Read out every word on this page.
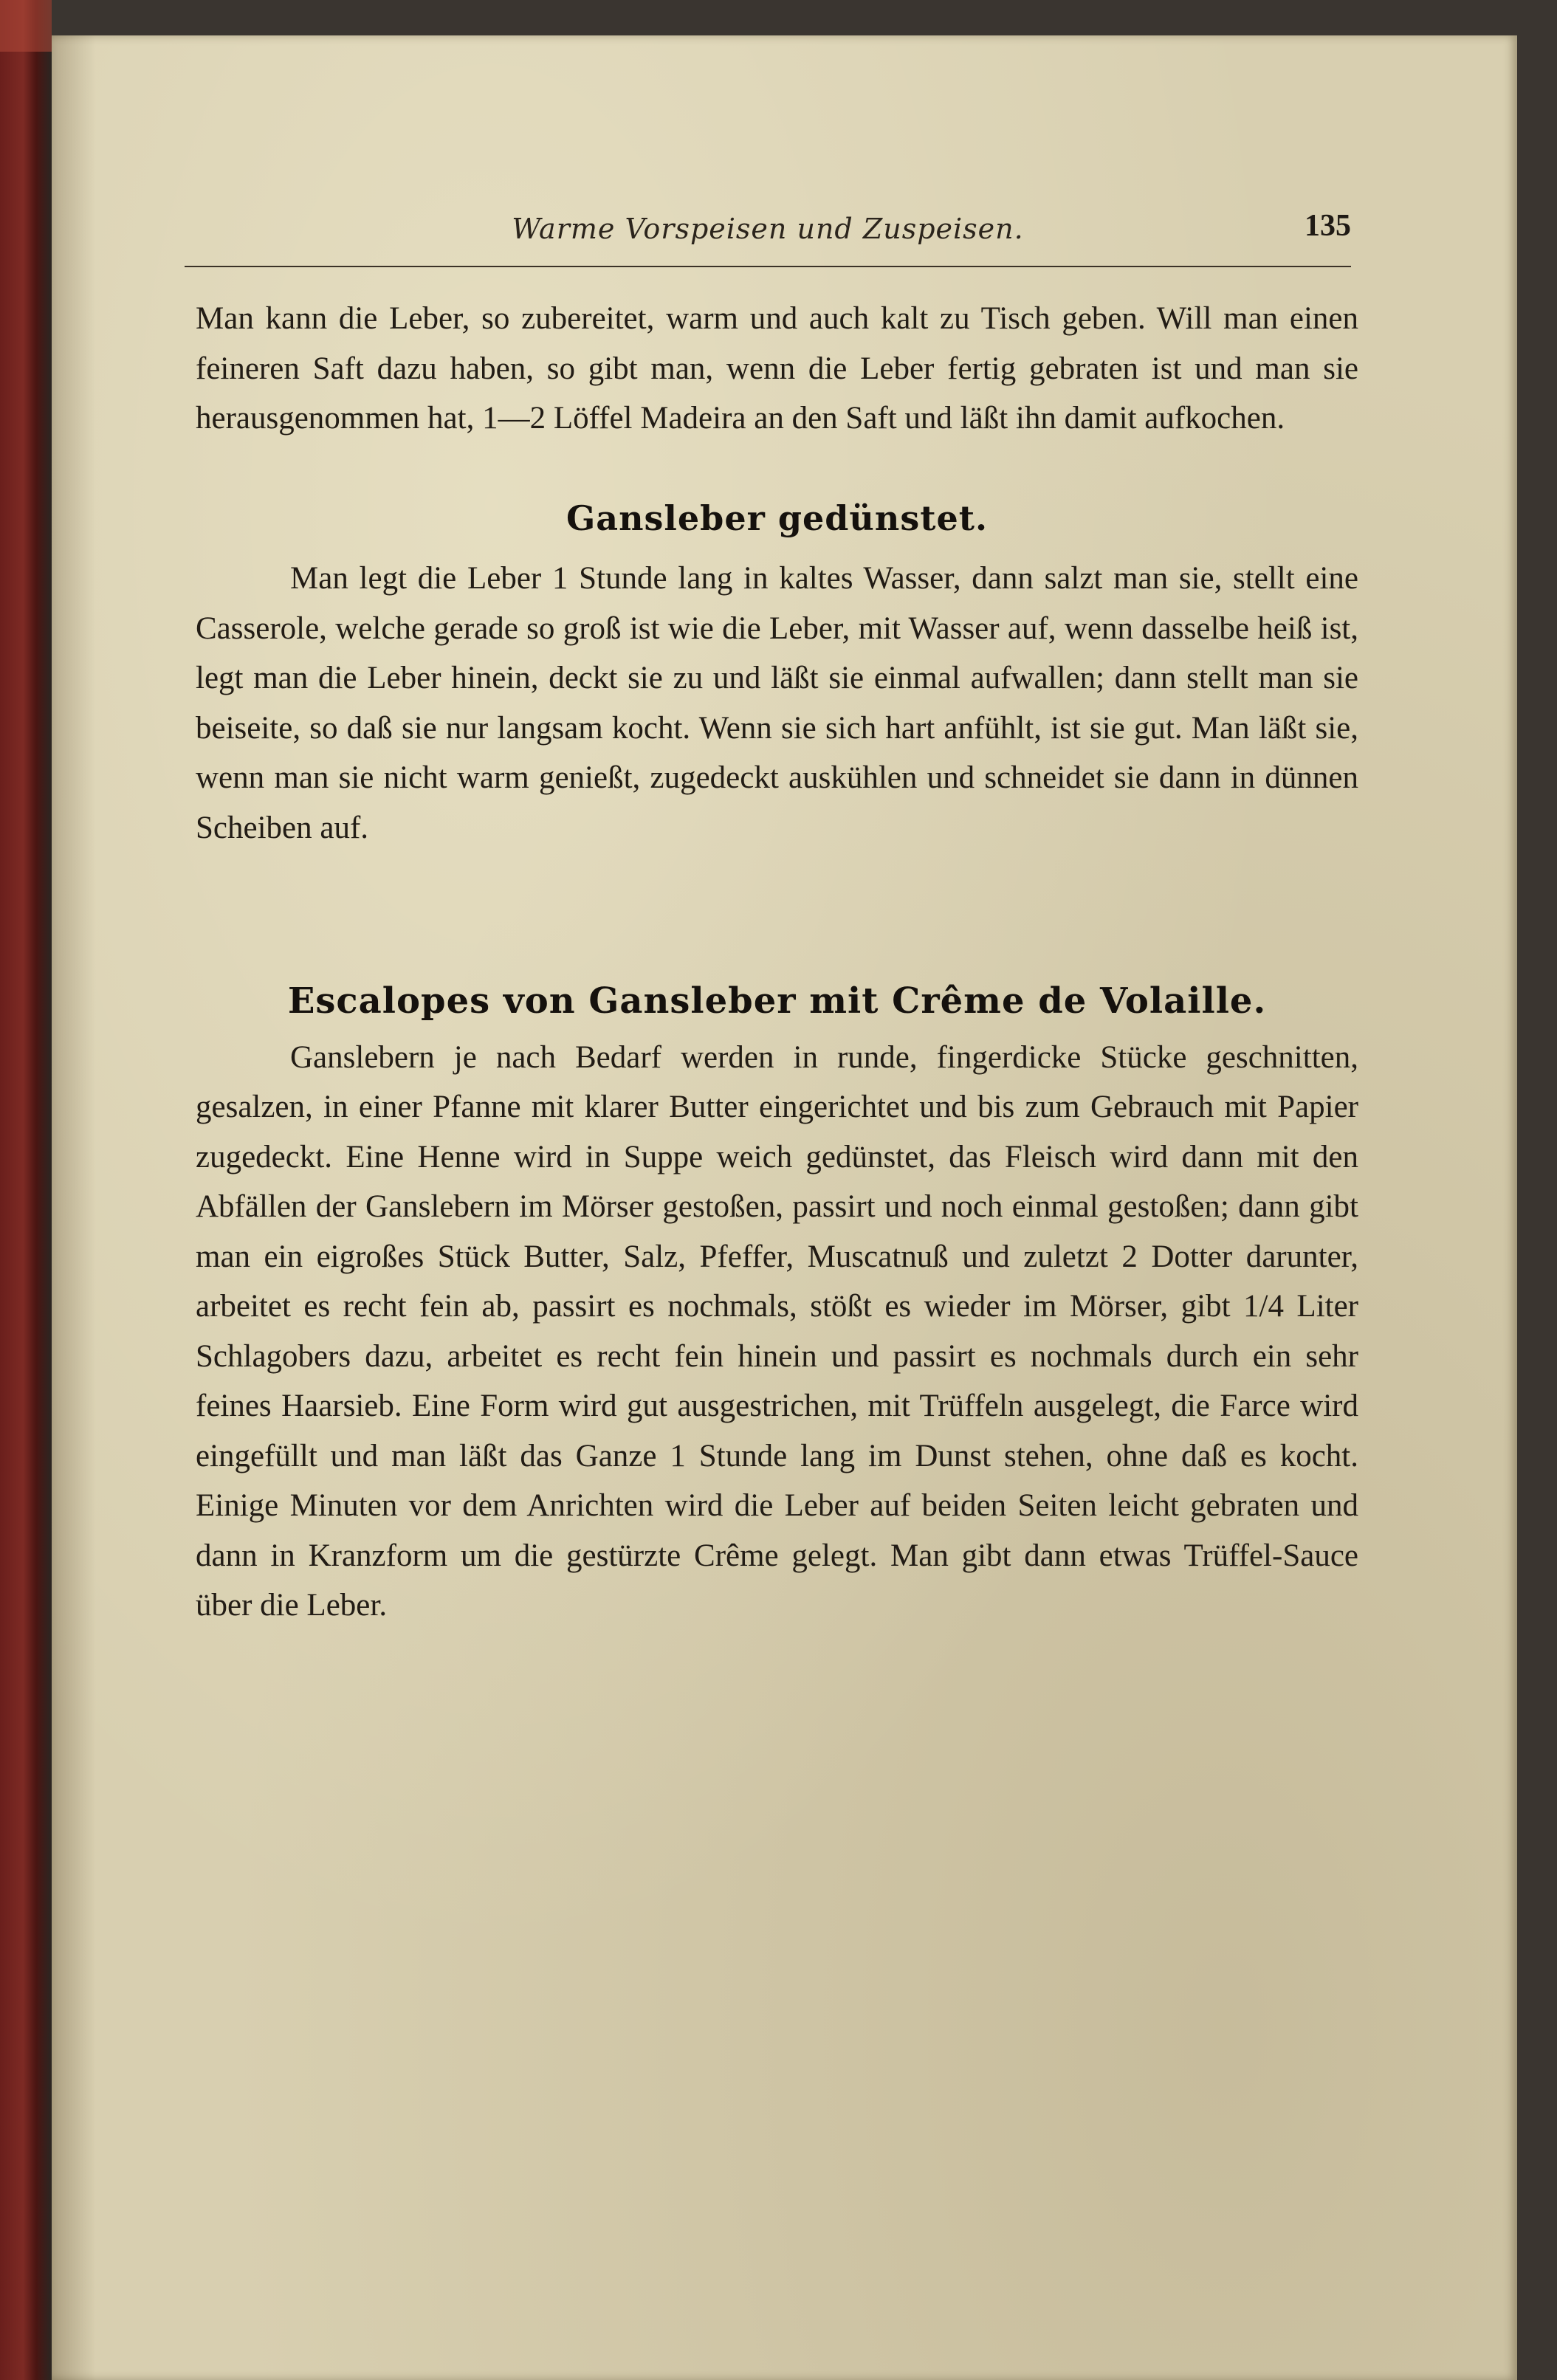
Warme Vorspeisen und Zuspeisen.	135

Man kann die Leber, so zubereitet, warm und auch kalt zu Tisch geben. Will man einen feineren Saft dazu haben, so gibt man, wenn die Leber fertig gebraten ist und man sie herausgenommen hat, 1—2 Löffel Madeira an den Saft und läßt ihn damit aufkochen.

Gansleber gedünstet.

Man legt die Leber 1 Stunde lang in kaltes Wasser, dann salzt man sie, stellt eine Casserole, welche gerade so groß ist wie die Leber, mit Wasser auf, wenn dasselbe heiß ist, legt man die Leber hinein, deckt sie zu und läßt sie einmal aufwallen; dann stellt man sie beiseite, so daß sie nur langsam kocht. Wenn sie sich hart anfühlt, ist sie gut. Man läßt sie, wenn man sie nicht warm genießt, zugedeckt auskühlen und schneidet sie dann in dünnen Scheiben auf.

Escalopes von Gansleber mit Crême de Volaille.

Ganslebern je nach Bedarf werden in runde, fingerdicke Stücke geschnitten, gesalzen, in einer Pfanne mit klarer Butter eingerichtet und bis zum Gebrauch mit Papier zugedeckt. Eine Henne wird in Suppe weich gedünstet, das Fleisch wird dann mit den Abfällen der Ganslebern im Mörser gestoßen, passirt und noch einmal gestoßen; dann gibt man ein eigroßes Stück Butter, Salz, Pfeffer, Muscatnuß und zuletzt 2 Dotter darunter, arbeitet es recht fein ab, passirt es nochmals, stößt es wieder im Mörser, gibt 1/4 Liter Schlagobers dazu, arbeitet es recht fein hinein und passirt es nochmals durch ein sehr feines Haarsieb. Eine Form wird gut ausgestrichen, mit Trüffeln ausgelegt, die Farce wird eingefüllt und man läßt das Ganze 1 Stunde lang im Dunst stehen, ohne daß es kocht. Einige Minuten vor dem Anrichten wird die Leber auf beiden Seiten leicht gebraten und dann in Kranzform um die gestürzte Crême gelegt. Man gibt dann etwas Trüffel-Sauce über die Leber.
